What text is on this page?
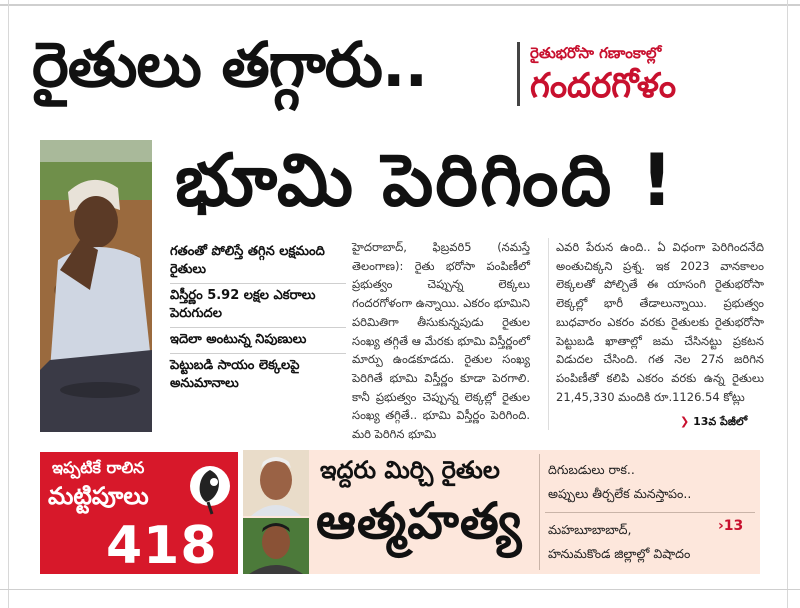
రైతులు తగ్గారు..	రైతుభరోసా గణాంకాల్లో
గందరగోళం
భూమి పెరిగింది !
గతంతో పోలిస్తే తగ్గిన లక్షమంది రైతులు
విస్తీర్ణం 5.92 లక్షల ఎకరాలు పెరుగుదల
ఇదెలా అంటున్న నిపుణులు
పెట్టుబడి సాయం లెక్కలపై అనుమానాలు

హైదరాబాద్, ఫిబ్రవరి5 (నమస్తే తెలంగాణ): రైతు భరోసా పంపిణీలో ప్రభుత్వం చెప్పున్న లెక్కలు గందరగోళంగా ఉన్నాయి. ఎకరం భూమిని పరిమితిగా తీసుకున్నపుడు రైతుల సంఖ్య తగ్గితే ఆ మేరకు భూమి విస్తీర్ణంలో మార్పు ఉండకూడదు. రైతుల సంఖ్య పెరిగితే భూమి విస్తీర్ణం కూడా పెరగాలి. కానీ ప్రభుత్వం చెప్పున్న లెక్కల్లో రైతుల సంఖ్య తగ్గితే.. భూమి విస్తీర్ణం పెరిగింది. మరి పెరిగిన భూమి

ఎవరి పేరున ఉంది.. ఏ విధంగా పెరిగిందనేది అంతుచిక్కని ప్రశ్న. ఇక 2023 వానకాలం లెక్కలతో పోల్చితే ఈ యాసంగి రైతుభరోసా లెక్కల్లో భారీ తేడాలున్నాయి. ప్రభుత్వం బుధవారం ఎకరం వరకు రైతులకు రైతుభరోసా పెట్టుబడి ఖాతాల్లో జమ చేసినట్టు ప్రకటన విడుదల చేసింది. గత నెల 27న జరిగిన పంపిణీతో కలిపి ఎకరం వరకు ఉన్న రైతులు 21,45,330 మందికి రూ.1126.54 కోట్లు

❯ 13వ పేజీలో
ఇప్పటికే రాలిన
మట్టిపూలు
418
ఇద్దరు మిర్చి రైతుల
ఆత్మహత్య
దిగుబడులు రాక..
అప్పులు తీర్చలేక మనస్తాపం..
మహబూబాబాద్,
హనుమకొండ జిల్లాల్లో విషాదం
›13
